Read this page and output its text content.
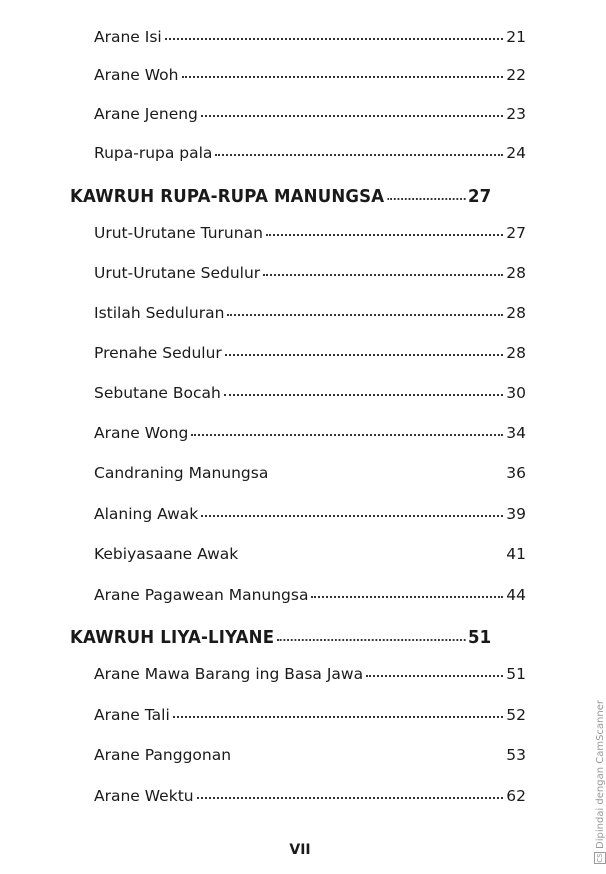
Arane Isi	21
Arane Woh	22
Arane Jeneng	23
Rupa-rupa pala	24
KAWRUH RUPA-RUPA MANUNGSA	27
Urut-Urutane Turunan	27
Urut-Urutane Sedulur	28
Istilah Seduluran	28
Prenahe Sedulur	28
Sebutane Bocah	30
Arane Wong	34
Candraning Manungsa	36
Alaning Awak	39
Kebiyasaane Awak	41
Arane Pagawean Manungsa	44
KAWRUH LIYA-LIYANE	51
Arane Mawa Barang ing Basa Jawa	51
Arane Tali	52
Arane Panggonan	53
Arane Wektu	62
VII	CSDipindai dengan CamScanner
